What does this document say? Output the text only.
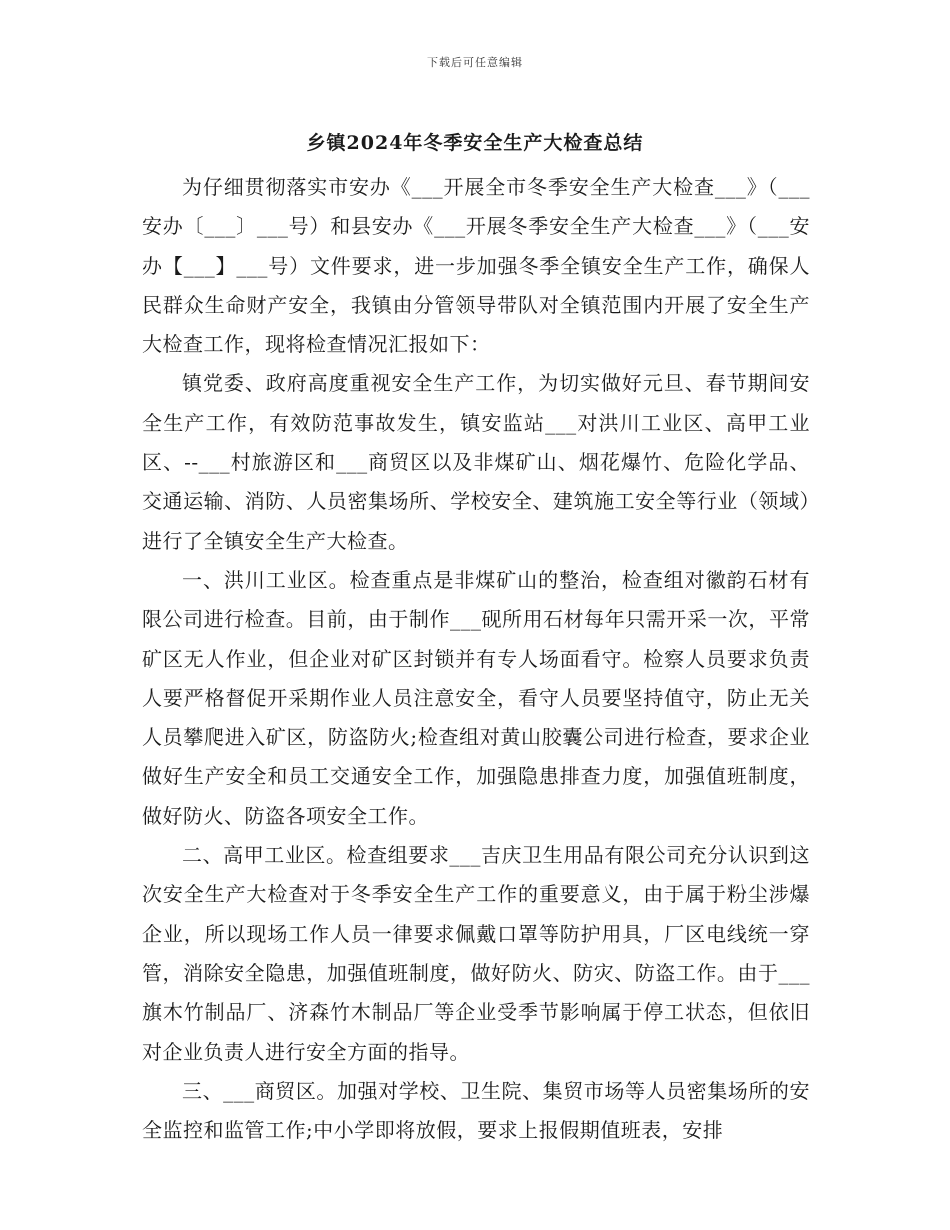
下载后可任意编辑
乡镇2024年冬季安全生产大检查总结

为仔细贯彻落实市安办《___开展全市冬季安全生产大检查___》（___安办〔___〕___号）和县安办《___开展冬季安全生产大检查___》（___安办【___】___号）文件要求，进一步加强冬季全镇安全生产工作，确保人民群众生命财产安全，我镇由分管领导带队对全镇范围内开展了安全生产大检查工作，现将检查情况汇报如下：

镇党委、政府高度重视安全生产工作，为切实做好元旦、春节期间安全生产工作，有效防范事故发生，镇安监站___对洪川工业区、高甲工业区、--___村旅游区和___商贸区以及非煤矿山、烟花爆竹、危险化学品、交通运输、消防、人员密集场所、学校安全、建筑施工安全等行业（领域）进行了全镇安全生产大检查。

一、洪川工业区。检查重点是非煤矿山的整治，检查组对徽韵石材有限公司进行检查。目前，由于制作___砚所用石材每年只需开采一次，平常矿区无人作业，但企业对矿区封锁并有专人场面看守。检察人员要求负责人要严格督促开采期作业人员注意安全，看守人员要坚持值守，防止无关人员攀爬进入矿区，防盗防火;检查组对黄山胶囊公司进行检查，要求企业做好生产安全和员工交通安全工作，加强隐患排查力度，加强值班制度，做好防火、防盗各项安全工作。

二、高甲工业区。检查组要求___吉庆卫生用品有限公司充分认识到这次安全生产大检查对于冬季安全生产工作的重要意义，由于属于粉尘涉爆企业，所以现场工作人员一律要求佩戴口罩等防护用具，厂区电线统一穿管，消除安全隐患，加强值班制度，做好防火、防灾、防盗工作。由于___旗木竹制品厂、济森竹木制品厂等企业受季节影响属于停工状态，但依旧对企业负责人进行安全方面的指导。

三、___商贸区。加强对学校、卫生院、集贸市场等人员密集场所的安全监控和监管工作;中小学即将放假，要求上报假期值班表，安排
